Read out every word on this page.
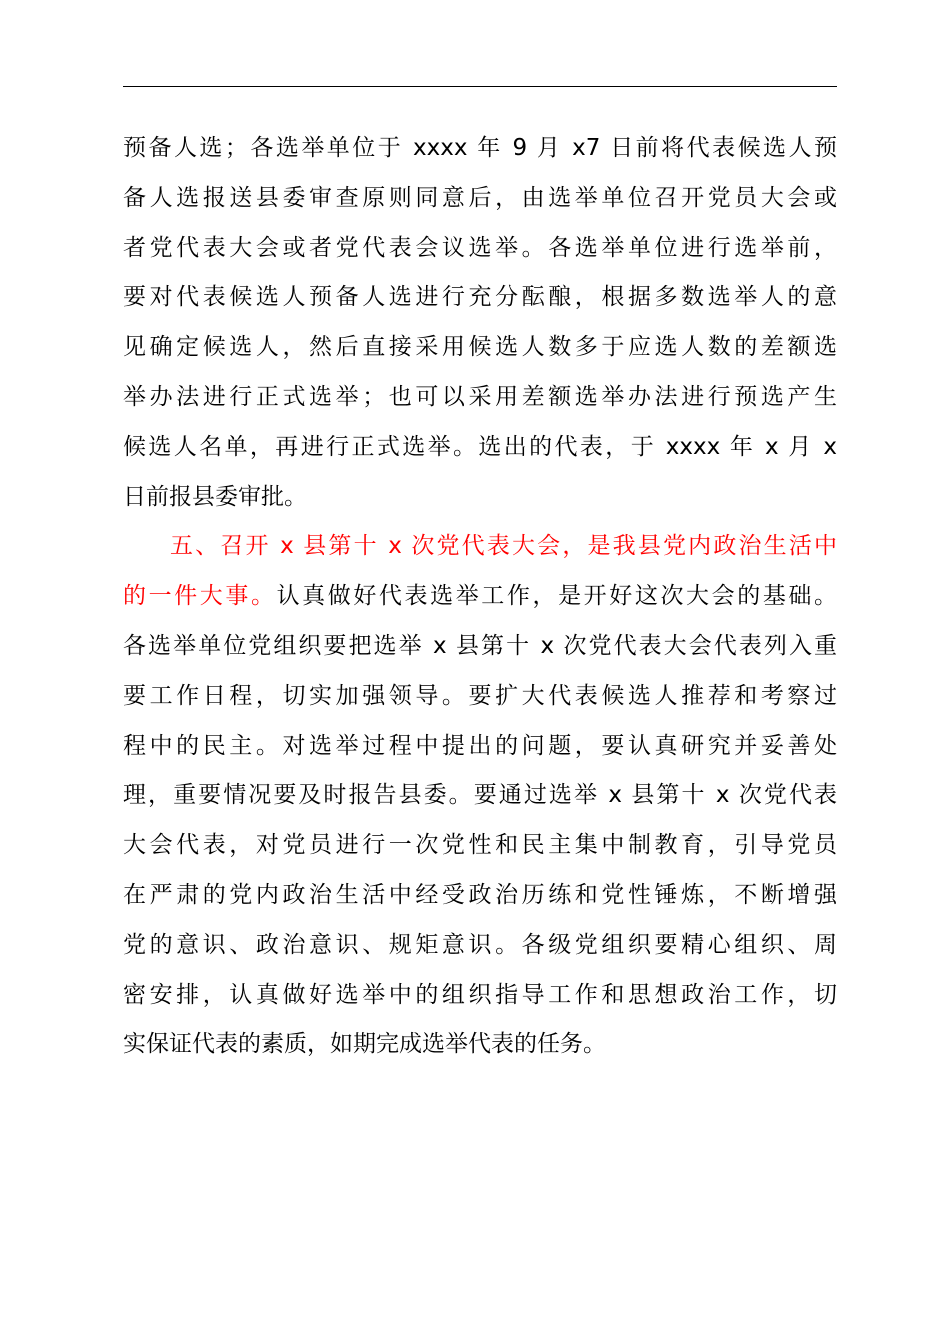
预备人选；各选举单位于 xxxx 年 9 月 x7 日前将代表候选人预
备人选报送县委审查原则同意后，由选举单位召开党员大会或
者党代表大会或者党代表会议选举。各选举单位进行选举前，
要对代表候选人预备人选进行充分酝酿，根据多数选举人的意
见确定候选人，然后直接采用候选人数多于应选人数的差额选
举办法进行正式选举；也可以采用差额选举办法进行预选产生
候选人名单，再进行正式选举。选出的代表，于 xxxx 年 x 月 x
日前报县委审批。
五、召开 x 县第十 x 次党代表大会，是我县党内政治生活中
的一件大事。认真做好代表选举工作，是开好这次大会的基础。
各选举单位党组织要把选举 x 县第十 x 次党代表大会代表列入重
要工作日程，切实加强领导。要扩大代表候选人推荐和考察过
程中的民主。对选举过程中提出的问题，要认真研究并妥善处
理，重要情况要及时报告县委。要通过选举 x 县第十 x 次党代表
大会代表，对党员进行一次党性和民主集中制教育，引导党员
在严肃的党内政治生活中经受政治历练和党性锤炼，不断增强
党的意识、政治意识、规矩意识。各级党组织要精心组织、周
密安排，认真做好选举中的组织指导工作和思想政治工作，切
实保证代表的素质，如期完成选举代表的任务。
